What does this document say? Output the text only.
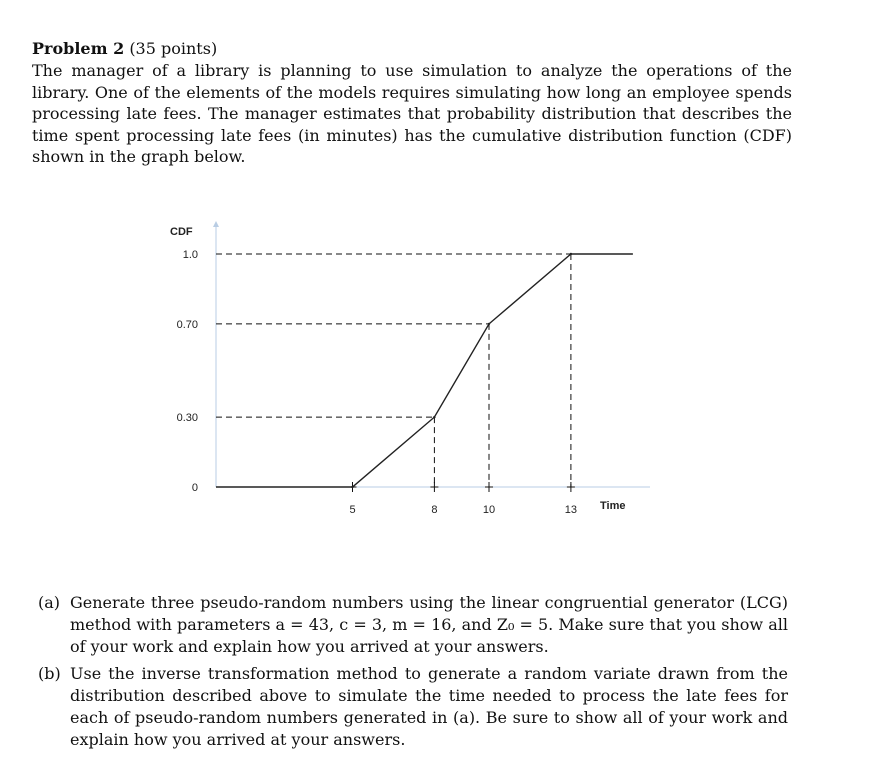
Problem 2 (35 points)
The manager of a library is planning to use simulation to analyze the operations of the library. One of the elements of the models requires simulating how long an employee spends processing late fees. The manager estimates that probability distribution that describes the time spent processing late fees (in minutes) has the cumulative distribution function (CDF) shown in the graph below.
CDF
Time
0
0.30
0.70
1.0
5	8	10	13
(a) Generate three pseudo-random numbers using the linear congruential generator (LCG) method with parameters a = 43, c = 3, m = 16, and Z₀ = 5. Make sure that you show all of your work and explain how you arrived at your answers.
(b) Use the inverse transformation method to generate a random variate drawn from the distribution described above to simulate the time needed to process the late fees for each of pseudo-random numbers generated in (a). Be sure to show all of your work and explain how you arrived at your answers.
